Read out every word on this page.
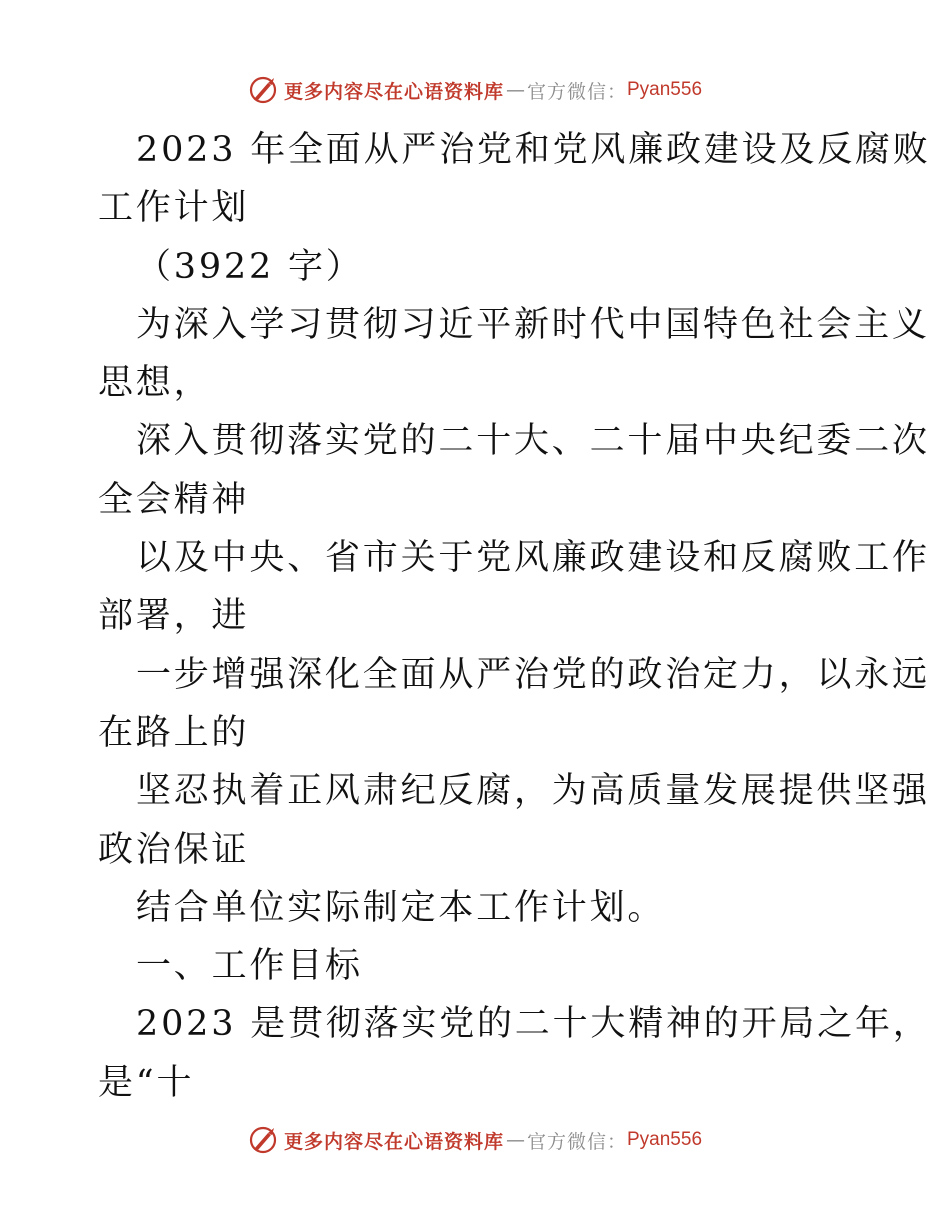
更多内容尽在心语资料库 — 官方微信： Pyan556
2023 年全面从严治党和党风廉政建设及反腐败
工作计划
（3922 字）
为深入学习贯彻习近平新时代中国特色社会主义
思想，
深入贯彻落实党的二十大、二十届中央纪委二次
全会精神
以及中央、省市关于党风廉政建设和反腐败工作
部署，进
一步增强深化全面从严治党的政治定力，以永远
在路上的
坚忍执着正风肃纪反腐，为高质量发展提供坚强
政治保证
结合单位实际制定本工作计划。
一、工作目标
2023 是贯彻落实党的二十大精神的开局之年，
是“十
更多内容尽在心语资料库 — 官方微信： Pyan556
